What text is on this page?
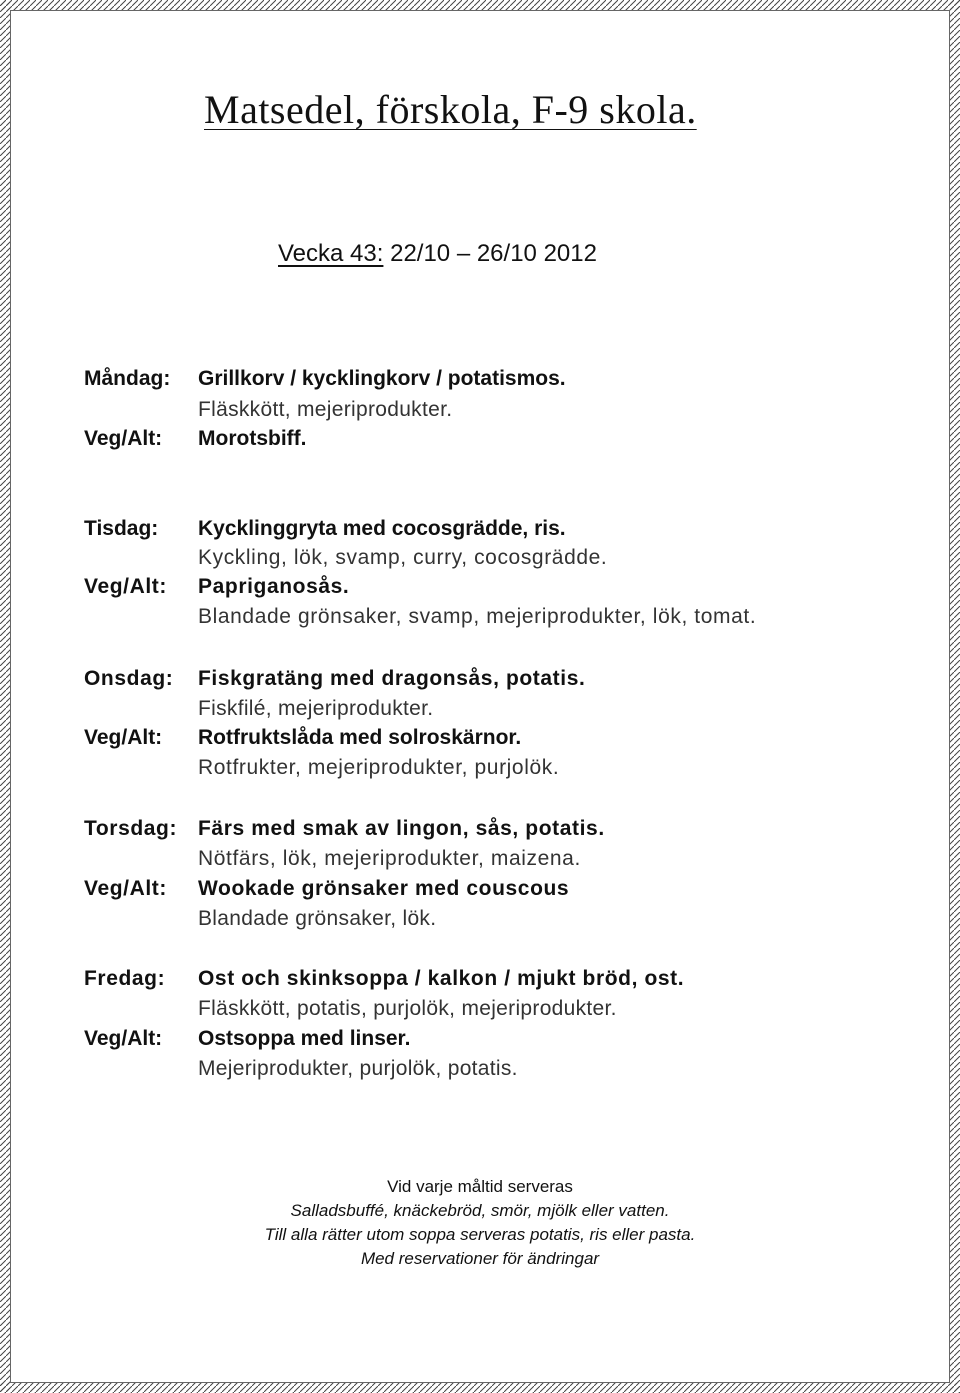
Matsedel, förskola, F-9 skola.
Vecka 43: 22/10 – 26/10 2012
Måndag: Grillkorv / kycklingkorv / potatismos.
Fläskkött, mejeriprodukter.
Veg/Alt: Morotsbiff.
Tisdag: Kycklinggryta med cocosgrädde, ris.
Kyckling, lök, svamp, curry, cocosgrädde.
Veg/Alt: Papriganosås.
Blandade grönsaker, svamp, mejeriprodukter, lök, tomat.
Onsdag: Fiskgratäng med dragonsås, potatis.
Fiskfilé, mejeriprodukter.
Veg/Alt: Rotfruktslåda med solroskärnor.
Rotfrukter, mejeriprodukter, purjolök.
Torsdag: Färs med smak av lingon, sås, potatis.
Nötfärs, lök, mejeriprodukter, maizena.
Veg/Alt: Wookade grönsaker med couscous
Blandade grönsaker, lök.
Fredag: Ost och skinksoppa / kalkon / mjukt bröd, ost.
Fläskkött, potatis, purjolök, mejeriprodukter.
Veg/Alt: Ostsoppa med linser.
Mejeriprodukter, purjolök, potatis.
Vid varje måltid serveras
Salladsbuffé, knäckebröd, smör, mjölk eller vatten.
Till alla rätter utom soppa serveras potatis, ris eller pasta.
Med reservationer för ändringar
